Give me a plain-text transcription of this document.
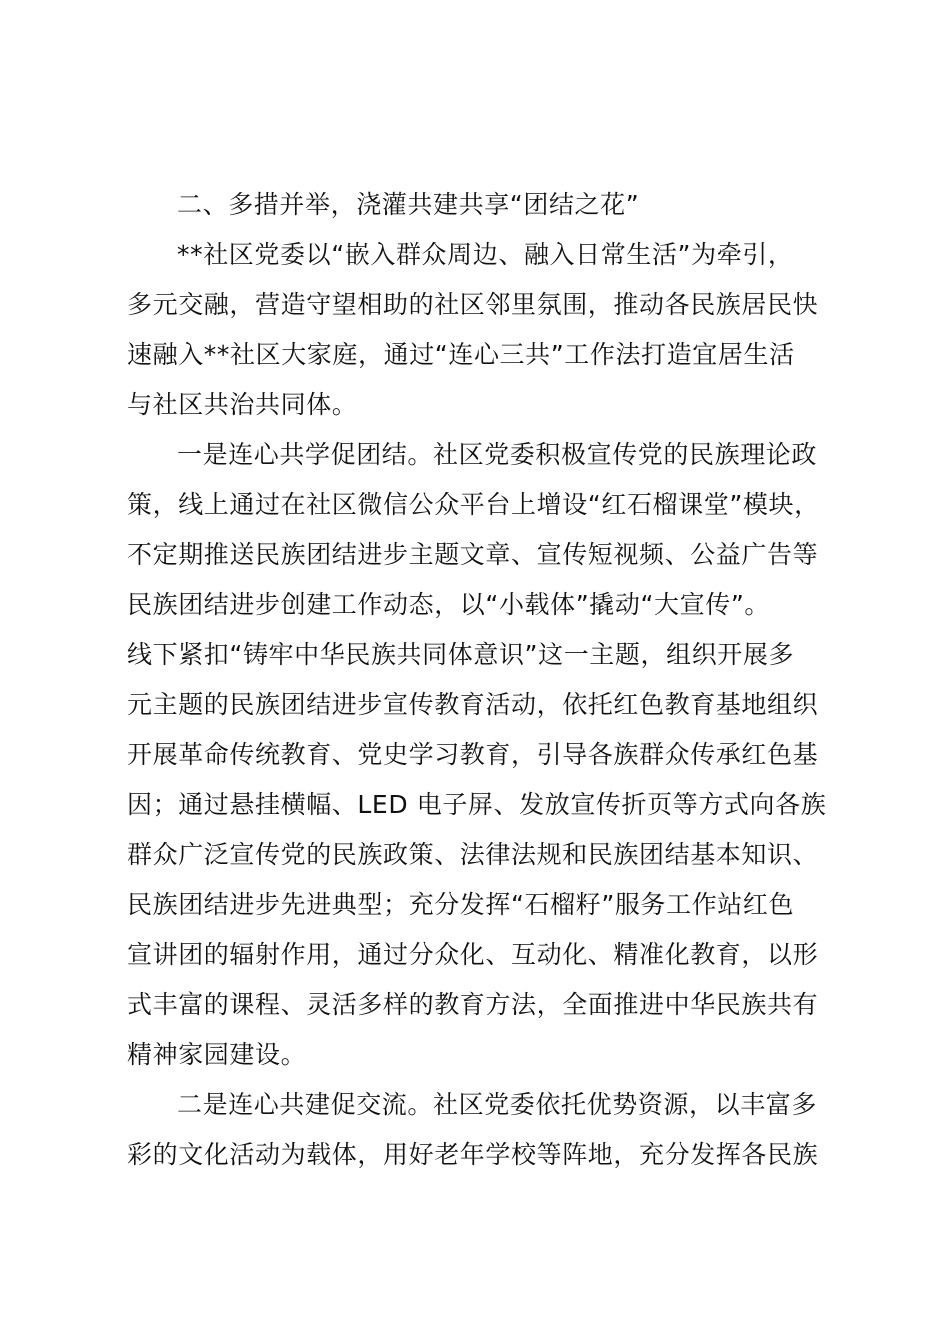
二、多措并举，浇灌共建共享“团结之花”
**社区党委以“嵌入群众周边、融入日常生活”为牵引，
多元交融，营造守望相助的社区邻里氛围，推动各民族居民快
速融入**社区大家庭，通过“连心三共”工作法打造宜居生活
与社区共治共同体。
一是连心共学促团结。社区党委积极宣传党的民族理论政
策，线上通过在社区微信公众平台上增设“红石榴课堂”模块，
不定期推送民族团结进步主题文章、宣传短视频、公益广告等
民族团结进步创建工作动态，以“小载体”撬动“大宣传”。
线下紧扣“铸牢中华民族共同体意识”这一主题，组织开展多
元主题的民族团结进步宣传教育活动，依托红色教育基地组织
开展革命传统教育、党史学习教育，引导各族群众传承红色基
因；通过悬挂横幅、LED 电子屏、发放宣传折页等方式向各族
群众广泛宣传党的民族政策、法律法规和民族团结基本知识、
民族团结进步先进典型；充分发挥“石榴籽”服务工作站红色
宣讲团的辐射作用，通过分众化、互动化、精准化教育，以形
式丰富的课程、灵活多样的教育方法，全面推进中华民族共有
精神家园建设。
二是连心共建促交流。社区党委依托优势资源，以丰富多
彩的文化活动为载体，用好老年学校等阵地，充分发挥各民族
